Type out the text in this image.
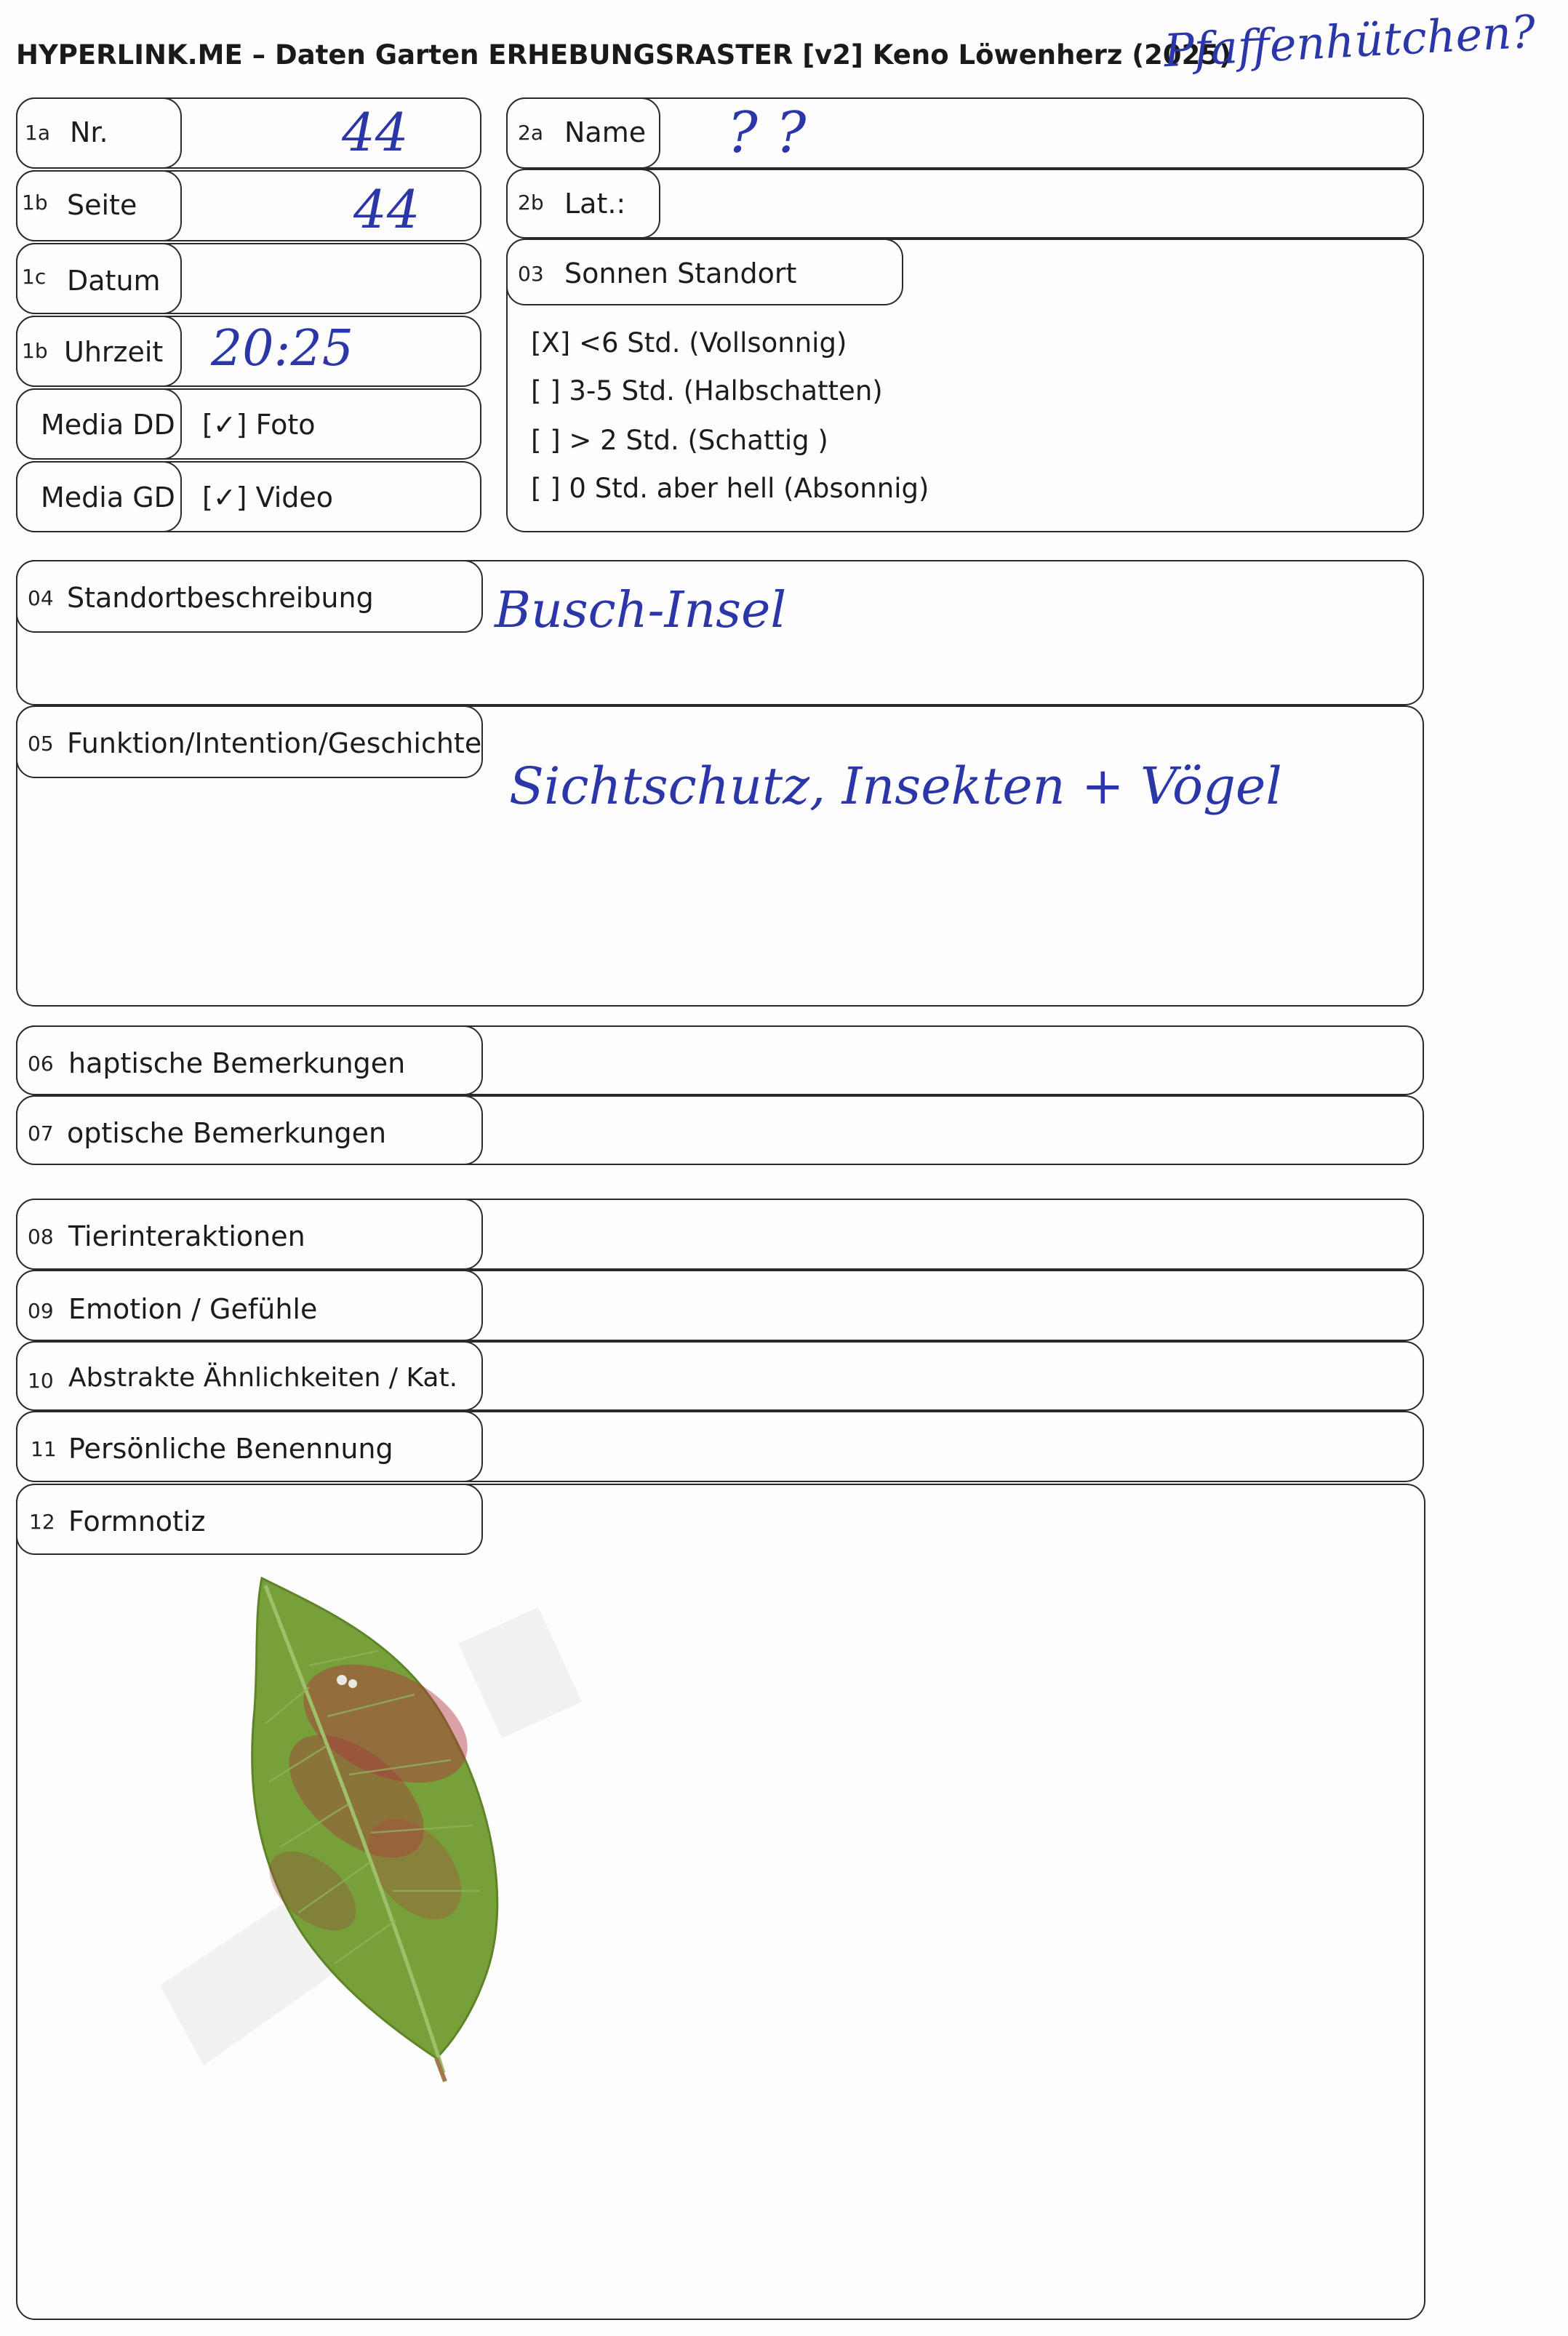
HYPERLINK.ME – Daten Garten ERHEBUNGSRASTER [v2] Keno Löwenherz (2025)
Pfaffenhütchen?
1a Nr.	44
1b Seite	44
1c Datum
1b Uhrzeit 20:25
Media DD [✓] Foto
Media GD [✓] Video
2a Name ? ?
2b Lat.:
03 Sonnen Standort
[X] <6 Std. (Vollsonnig)
[ ] 3-5 Std. (Halbschatten)
[ ] > 2 Std. (Schattig )
[ ] 0 Std. aber hell (Absonnig)
04 Standortbeschreibung Busch-Insel
05 Funktion/Intention/Geschichte
Sichtschutz, Insekten + Vögel
06 haptische Bemerkungen
07 optische Bemerkungen
08 Tierinteraktionen
09 Emotion / Gefühle
10 Abstrakte Ähnlichkeiten / Kat.
11 Persönliche Benennung
12 Formnotiz
